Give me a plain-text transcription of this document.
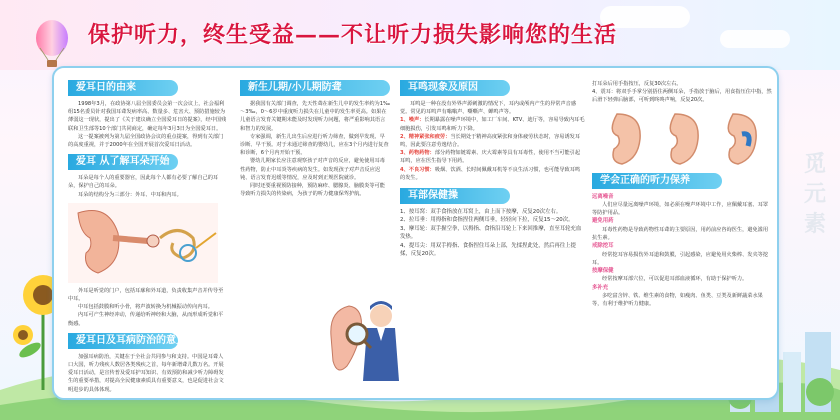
保护听力，终生受益——不让听力损失影响您的生活
觅元素
爱耳日的由来

1998年3月，在政协第八届全国委员会第一次会议上，社会福利组15名委员针对我国耳聋发病率高、数量多、危害大、预防措施较为薄弱这一现状，提出了《关于建议确立全国爱耳日的提案》，经中国残联和卫生部等10个部门共同商定，确定每年3月3日为全国爱耳日。

这一提案被列为第九届全国政协会议的重点提案，得到有关部门的高度重视，并于2000年在全国开展首次爱耳日活动。

爱耳 从了解耳朵开始

耳朵是每个人的重要器官，因此每个人都有必要了解自己的耳朵，保护自己的耳朵。

耳朵的结构分为三部分：外耳、中耳和内耳。

外耳是听觉的门户，包括耳廓和外耳道，负责收集声音并传导至中耳。

中耳包括鼓膜和听小骨，将声波转换为机械振动传向内耳。

内耳可产生神经冲动，传递给听神经和大脑，从而形成听觉和平衡感。

爱耳日及耳病防治的意义

加强耳病防治，关键在于全社会共同参与和支持。中国是耳聋人口大国，听力残疾人数居各类残疾之首，每年新增聋儿数万名。开展爱耳日活动，是宣传普及爱耳护耳知识、有效预防和减少听力障碍发生的重要举措，对提高全民健康素质具有重要意义，也是促进社会文明进步的具体体现。

新生儿期/小儿期防聋

据我国有关部门调查，先天性聋在新生儿中的发生率约为1‰～3‰，0～6岁中重度听力损失在儿童中的发生率更高。如果在儿童语言发育关键期未能及时发现听力问题，将严重影响其语言和智力的发展。

专家强调，新生儿出生后应进行听力筛查，做到早发现、早诊断、早干预。对于未通过筛查的婴幼儿，应在3个月内进行复查和诊断，6个月内开始干预。

婴幼儿期家长应注意观察孩子对声音的反应，避免使用耳毒性药物，防止中耳炎等疾病的发生。如发现孩子对声音反应迟钝、语言发育迟缓等情况，应及时到正规医院就诊。

同时还要重视预防接种，预防麻疹、腮腺炎、脑膜炎等可能导致听力损失的传染病，为孩子的听力健康保驾护航。

耳鸣现象及原因

耳鸣是一种在没有外界声源刺激的情况下，耳内或颅内产生的异常声音感觉。常见的耳鸣声有嗡嗡声、嘶嘶声、蝉鸣声等。

1、噪声：长期暴露在噪声环境中，如工厂车间、KTV、迪厅等，容易导致内耳毛细胞损伤，引发耳鸣和听力下降。

2、精神紧张和疲劳：当长期处于精神高度紧张和身体疲劳状态时，容易诱发耳鸣，因此要注意劳逸结合。

3、药物药物：部分药物如链霉素、庆大霉素等具有耳毒性，使用不当可能引起耳鸣，应在医生指导下用药。

4、不良习惯：吸烟、饮酒、长时间佩戴耳机等不良生活习惯，也可能导致耳鸣的发生。

耳部保健操

1、按耳窝：双手食指放在耳窝上，由上而下按摩，反复20次左右。

2、拉耳垂：用拇指和食指捏住两侧耳垂，轻轻向下拉，反复15～20次。

3、摩耳轮：双手握空拳，以拇指、食指沿耳轮上下来回推摩，直至耳轮充血发热。

4、提耳尖：用双手拇指、食指捏住耳朵上部，先揉捏此处，然后再往上提揉，反复20次。

打耳朵后用手指按压，反复30次左右。

4、震耳：将双手手掌分别捂住两侧耳朵，手指放于脑后，用食指压住中指，然后滑下轻弹后脑部，可听到咚咚声响，反复20次。

学会正确的听力保养

远离噪音

人们应尽量远离噪声环境，如必须在噪声环境中工作，应佩戴耳塞、耳罩等防护用品。

避免用药

耳毒性药物是导致药物性耳聋的主要原因，用药前应咨询医生，避免滥用抗生素。

戒除挖耳

经常挖耳容易损伤外耳道和鼓膜，引起感染，应避免用火柴棒、发夹等挖耳。

按摩保健

经常按摩耳部穴位，可以促进耳部血液循环，有助于保护听力。

多补充

多吃富含锌、铁、维生素的食物，如瘦肉、鱼类、豆类及新鲜蔬菜水果等，有利于维护听力健康。
